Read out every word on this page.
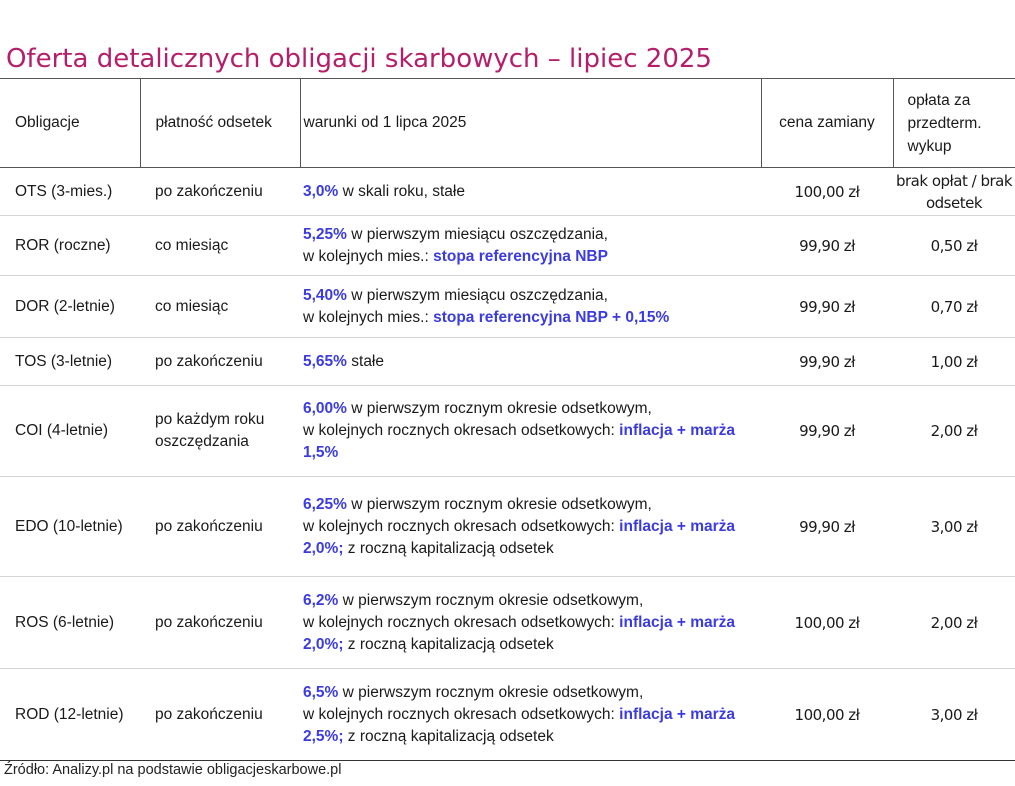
Oferta detalicznych obligacji skarbowych – lipiec 2025
Obligacje	płatność odsetek	warunki od 1 lipca 2025	cena zamiany	opłata za przedterm. wykup
OTS (3-mies.)	po zakończeniu	3,0% w skali roku, stałe	100,00 zł	brak opłat / brak odsetek
ROR (roczne)	co miesiąc	5,25% w pierwszym miesiącu oszczędzania,
w kolejnych mies.: stopa referencyjna NBP	99,90 zł	0,50 zł
DOR (2-letnie)	co miesiąc	5,40% w pierwszym miesiącu oszczędzania,
w kolejnych mies.: stopa referencyjna NBP + 0,15%	99,90 zł	0,70 zł
TOS (3-letnie)	po zakończeniu	5,65% stałe	99,90 zł	1,00 zł
COI (4-letnie)	po każdym roku oszczędzania	6,00% w pierwszym rocznym okresie odsetkowym,
w kolejnych rocznych okresach odsetkowych: inflacja + marża 1,5%	99,90 zł	2,00 zł
EDO (10-letnie)	po zakończeniu	6,25% w pierwszym rocznym okresie odsetkowym,
w kolejnych rocznych okresach odsetkowych: inflacja + marża 2,0%; z roczną kapitalizacją odsetek	99,90 zł	3,00 zł
ROS (6-letnie)	po zakończeniu	6,2% w pierwszym rocznym okresie odsetkowym,
w kolejnych rocznych okresach odsetkowych: inflacja + marża 2,0%; z roczną kapitalizacją odsetek	100,00 zł	2,00 zł
ROD (12-letnie)	po zakończeniu	6,5% w pierwszym rocznym okresie odsetkowym,
w kolejnych rocznych okresach odsetkowych: inflacja + marża 2,5%; z roczną kapitalizacją odsetek	100,00 zł	3,00 zł
Źródło: Analizy.pl na podstawie obligacjeskarbowe.pl
